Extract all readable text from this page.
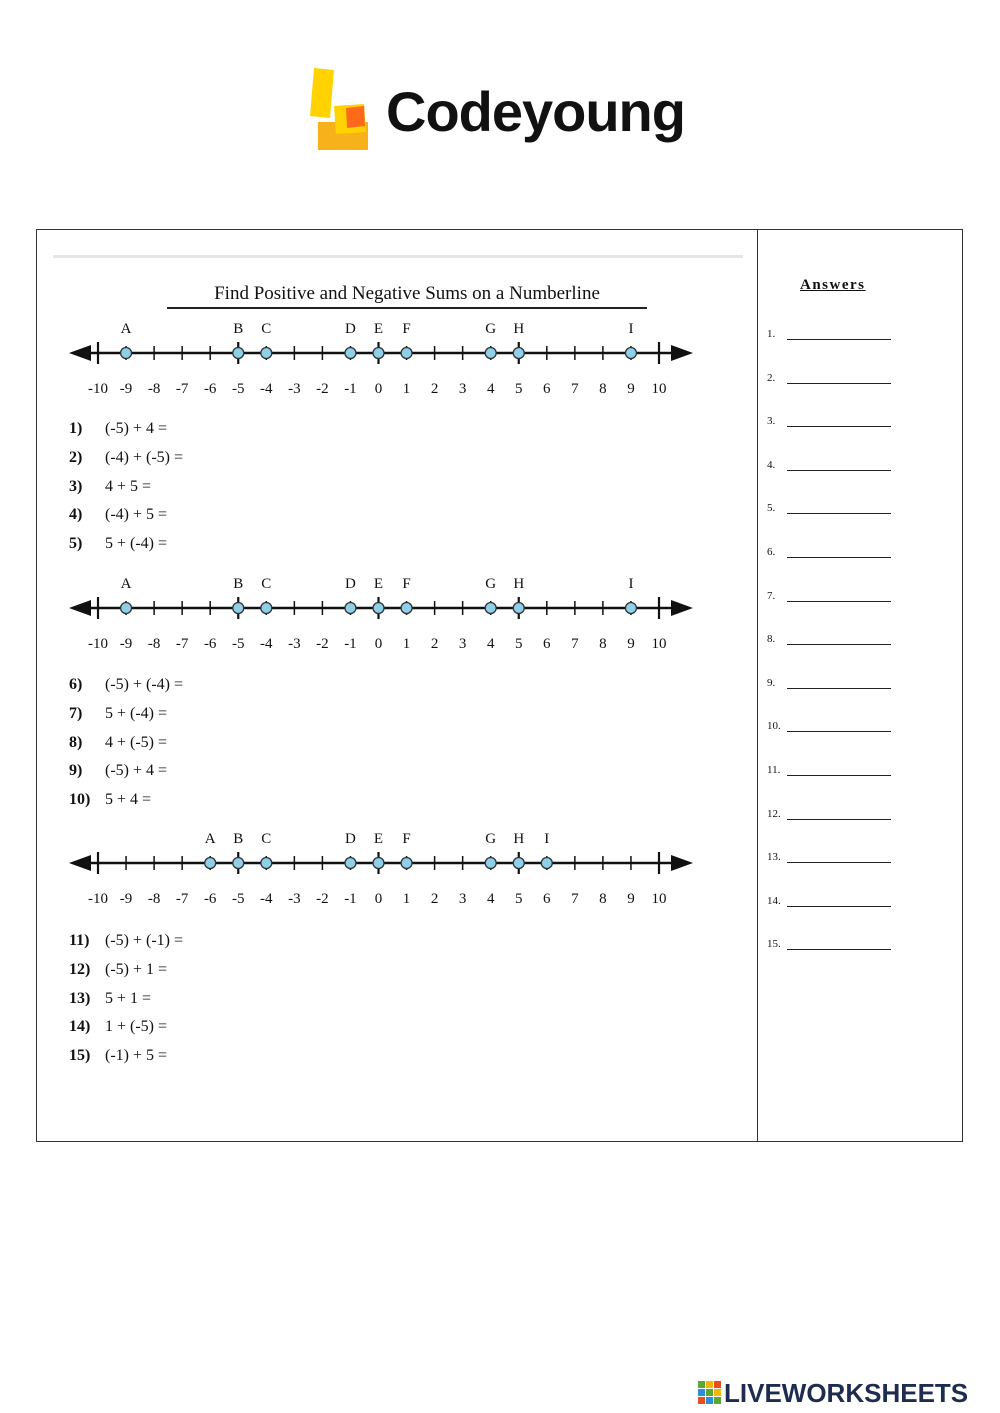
Codeyoung
Find Positive and Negative Sums on a Numberline
-10 -9 -8 -7 -6 -5 -4 -3 -2 -1 0 1 2 3 4 5 6 7 8 9 10
A	B C	D E F	G H	I
1) (-5) + 4 =
2) (-4) + (-5) =
3) 4 + 5 =
4) (-4) + 5 =
5) 5 + (-4) =
-10 -9 -8 -7 -6 -5 -4 -3 -2 -1 0 1 2 3 4 5 6 7 8 9 10
A	B C	D E F	G H	I
6) (-5) + (-4) =
7) 5 + (-4) =
8) 4 + (-5) =
9) (-5) + 4 =
10) 5 + 4 =
-10 -9 -8 -7 -6 -5 -4 -3 -2 -1 0 1 2 3 4 5 6 7 8 9 10
A B C	D E F	G H I
11) (-5) + (-1) =
12) (-5) + 1 =
13) 5 + 1 =
14) 1 + (-5) =
15) (-1) + 5 =
Answers
1.
2.
3.
4.
5.
6.
7.
8.
9.
10.
11.
12.
13.
14.
15.
LIVEWORKSHEETS
